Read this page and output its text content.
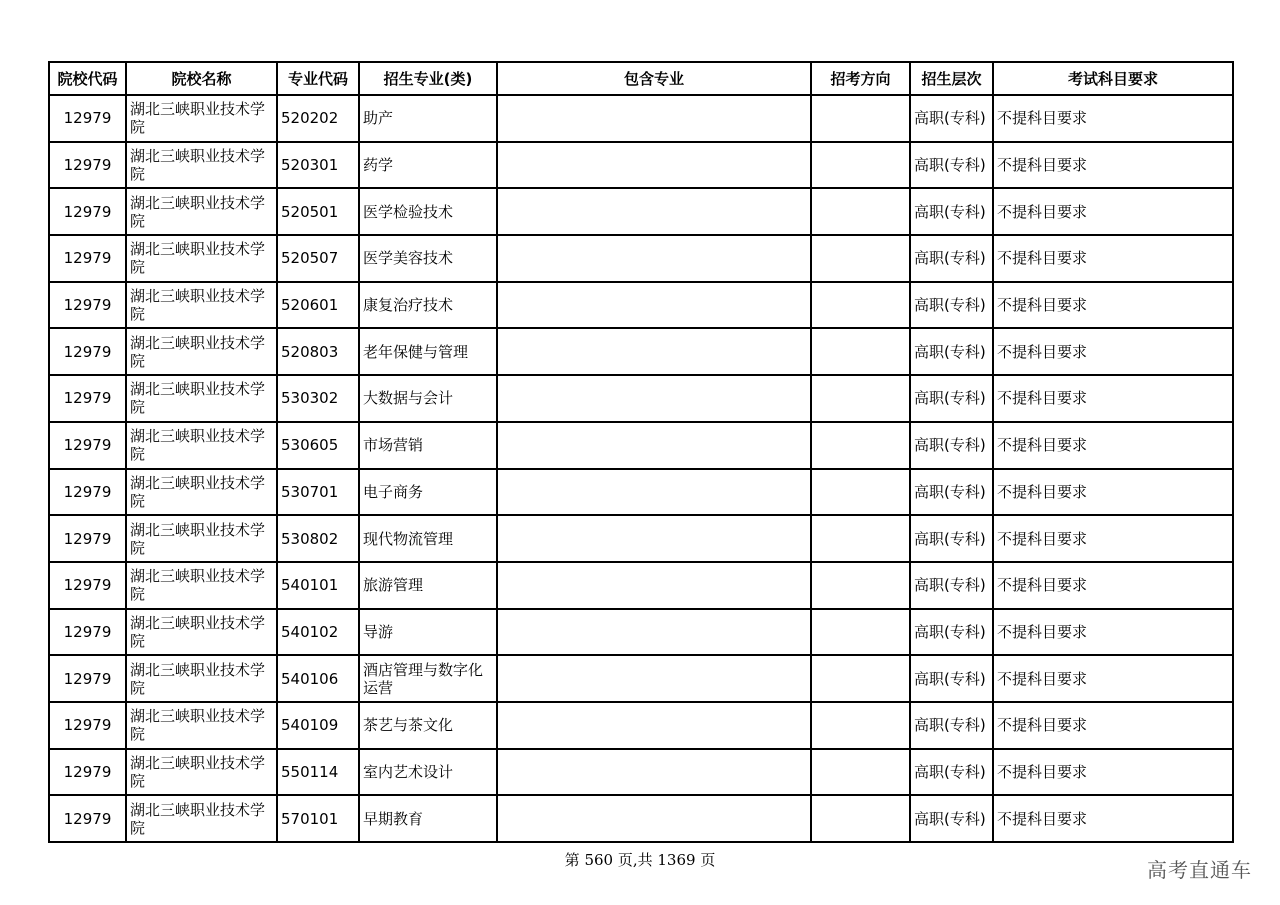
院校代码	院校名称	专业代码	招生专业(类)	包含专业	招考方向	招生层次	考试科目要求
12979	湖北三峡职业技术学院	520202	助产			高职(专科)	不提科目要求
12979	湖北三峡职业技术学院	520301	药学			高职(专科)	不提科目要求
12979	湖北三峡职业技术学院	520501	医学检验技术			高职(专科)	不提科目要求
12979	湖北三峡职业技术学院	520507	医学美容技术			高职(专科)	不提科目要求
12979	湖北三峡职业技术学院	520601	康复治疗技术			高职(专科)	不提科目要求
12979	湖北三峡职业技术学院	520803	老年保健与管理			高职(专科)	不提科目要求
12979	湖北三峡职业技术学院	530302	大数据与会计			高职(专科)	不提科目要求
12979	湖北三峡职业技术学院	530605	市场营销			高职(专科)	不提科目要求
12979	湖北三峡职业技术学院	530701	电子商务			高职(专科)	不提科目要求
12979	湖北三峡职业技术学院	530802	现代物流管理			高职(专科)	不提科目要求
12979	湖北三峡职业技术学院	540101	旅游管理			高职(专科)	不提科目要求
12979	湖北三峡职业技术学院	540102	导游			高职(专科)	不提科目要求
12979	湖北三峡职业技术学院	540106	酒店管理与数字化运营			高职(专科)	不提科目要求
12979	湖北三峡职业技术学院	540109	茶艺与茶文化			高职(专科)	不提科目要求
12979	湖北三峡职业技术学院	550114	室内艺术设计			高职(专科)	不提科目要求
12979	湖北三峡职业技术学院	570101	早期教育			高职(专科)	不提科目要求
第 560 页,共 1369 页	高考直通车
